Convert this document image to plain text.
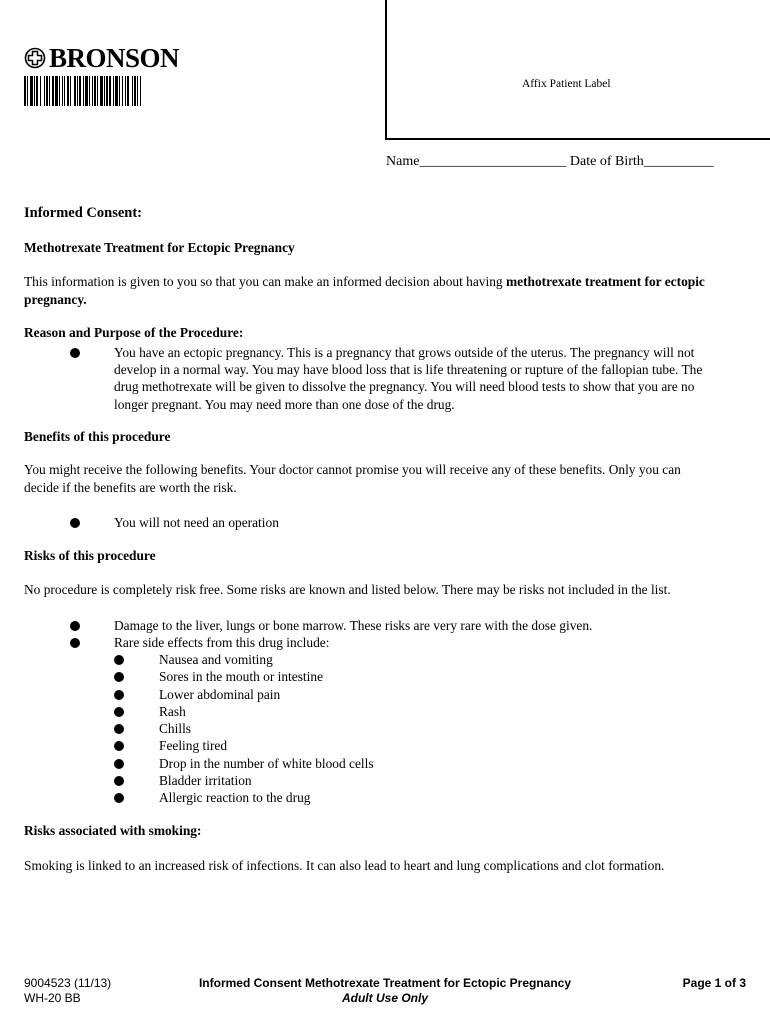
BRONSON
Affix Patient Label
Name_____________________ Date of Birth__________
Informed Consent:
Methotrexate Treatment for Ectopic Pregnancy
This information is given to you so that you can make an informed decision about having methotrexate treatment for ectopic pregnancy.
Reason and Purpose of the Procedure:
You have an ectopic pregnancy. This is a pregnancy that grows outside of the uterus. The pregnancy will not
develop in a normal way. You may have blood loss that is life threatening or rupture of the fallopian tube. The
drug methotrexate will be given to dissolve the pregnancy. You will need blood tests to show that you are no
longer pregnant. You may need more than one dose of the drug.
Benefits of this procedure
You might receive the following benefits. Your doctor cannot promise you will receive any of these benefits. Only you can
decide if the benefits are worth the risk.
You will not need an operation
Risks of this procedure
No procedure is completely risk free. Some risks are known and listed below. There may be risks not included in the list.
Damage to the liver, lungs or bone marrow. These risks are very rare with the dose given.
Rare side effects from this drug include:
Nausea and vomiting
Sores in the mouth or intestine
Lower abdominal pain
Rash
Chills
Feeling tired
Drop in the number of white blood cells
Bladder irritation
Allergic reaction to the drug
Risks associated with smoking:
Smoking is linked to an increased risk of infections. It can also lead to heart and lung complications and clot formation.
9004523 (11/13)
WH-20 BB
Informed Consent Methotrexate Treatment for Ectopic Pregnancy
Adult Use Only
Page 1 of 3
